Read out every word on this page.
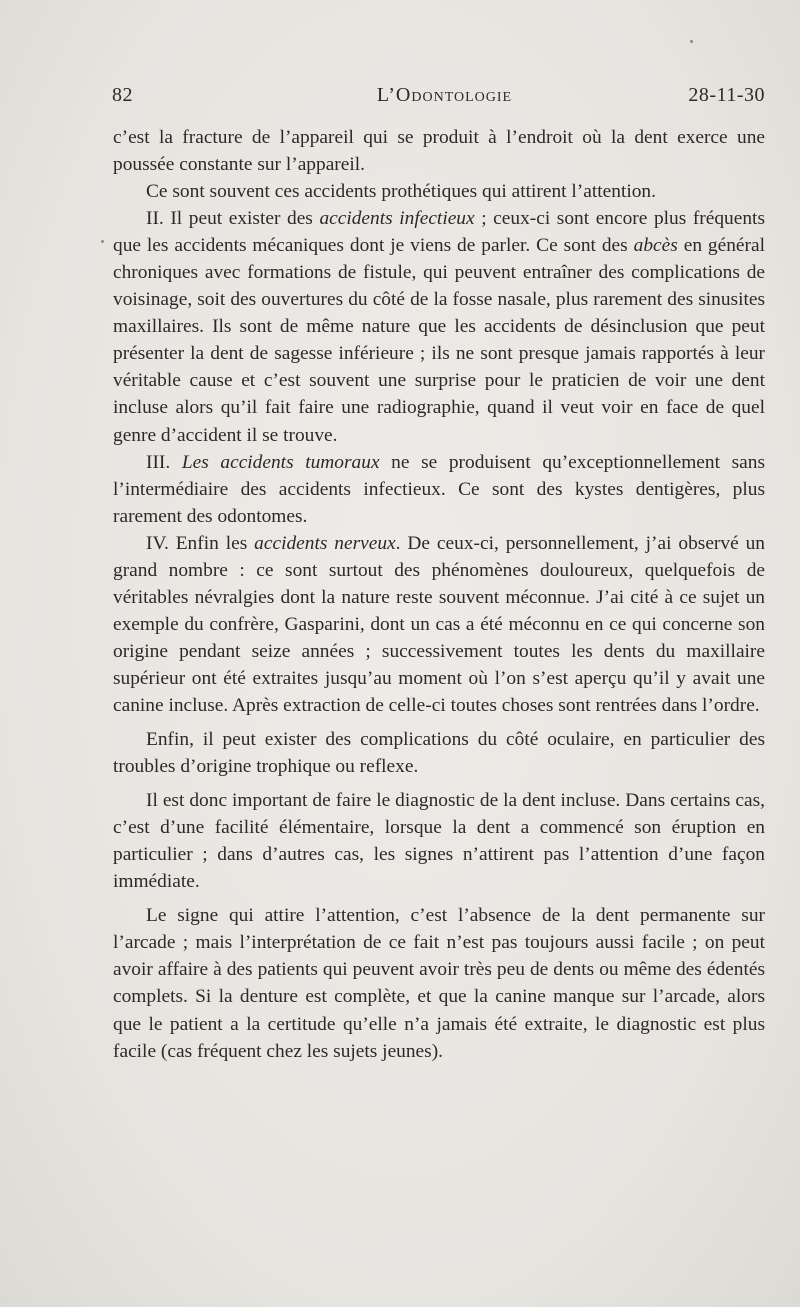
82	L’Odontologie	28-11-30

c’est la fracture de l’appareil qui se produit à l’endroit où la dent exerce une poussée constante sur l’appareil.

Ce sont souvent ces accidents prothétiques qui attirent l’attention.

II. Il peut exister des accidents infectieux ; ceux-ci sont encore plus fréquents que les accidents mécaniques dont je viens de parler. Ce sont des abcès en général chroniques avec formations de fistule, qui peuvent entraîner des complications de voisinage, soit des ouvertures du côté de la fosse nasale, plus rarement des sinusites maxillaires. Ils sont de même nature que les accidents de désinclusion que peut présenter la dent de sagesse inférieure ; ils ne sont presque jamais rapportés à leur véritable cause et c’est souvent une surprise pour le praticien de voir une dent incluse alors qu’il fait faire une radiographie, quand il veut voir en face de quel genre d’accident il se trouve.

III. Les accidents tumoraux ne se produisent qu’exceptionnellement sans l’intermédiaire des accidents infectieux. Ce sont des kystes dentigères, plus rarement des odontomes.

IV. Enfin les accidents nerveux. De ceux-ci, personnellement, j’ai observé un grand nombre : ce sont surtout des phénomènes douloureux, quelquefois de véritables névralgies dont la nature reste souvent méconnue. J’ai cité à ce sujet un exemple du confrère, Gasparini, dont un cas a été méconnu en ce qui concerne son origine pendant seize années ; successivement toutes les dents du maxillaire supérieur ont été extraites jusqu’au moment où l’on s’est aperçu qu’il y avait une canine incluse. Après extraction de celle-ci toutes choses sont rentrées dans l’ordre.

Enfin, il peut exister des complications du côté oculaire, en particulier des troubles d’origine trophique ou reflexe.

Il est donc important de faire le diagnostic de la dent incluse. Dans certains cas, c’est d’une facilité élémentaire, lorsque la dent a commencé son éruption en particulier ; dans d’autres cas, les signes n’attirent pas l’attention d’une façon immédiate.

Le signe qui attire l’attention, c’est l’absence de la dent permanente sur l’arcade ; mais l’interprétation de ce fait n’est pas toujours aussi facile ; on peut avoir affaire à des patients qui peuvent avoir très peu de dents ou même des édentés complets. Si la denture est complète, et que la canine manque sur l’arcade, alors que le patient a la certitude qu’elle n’a jamais été extraite, le diagnostic est plus facile (cas fréquent chez les sujets jeunes).
